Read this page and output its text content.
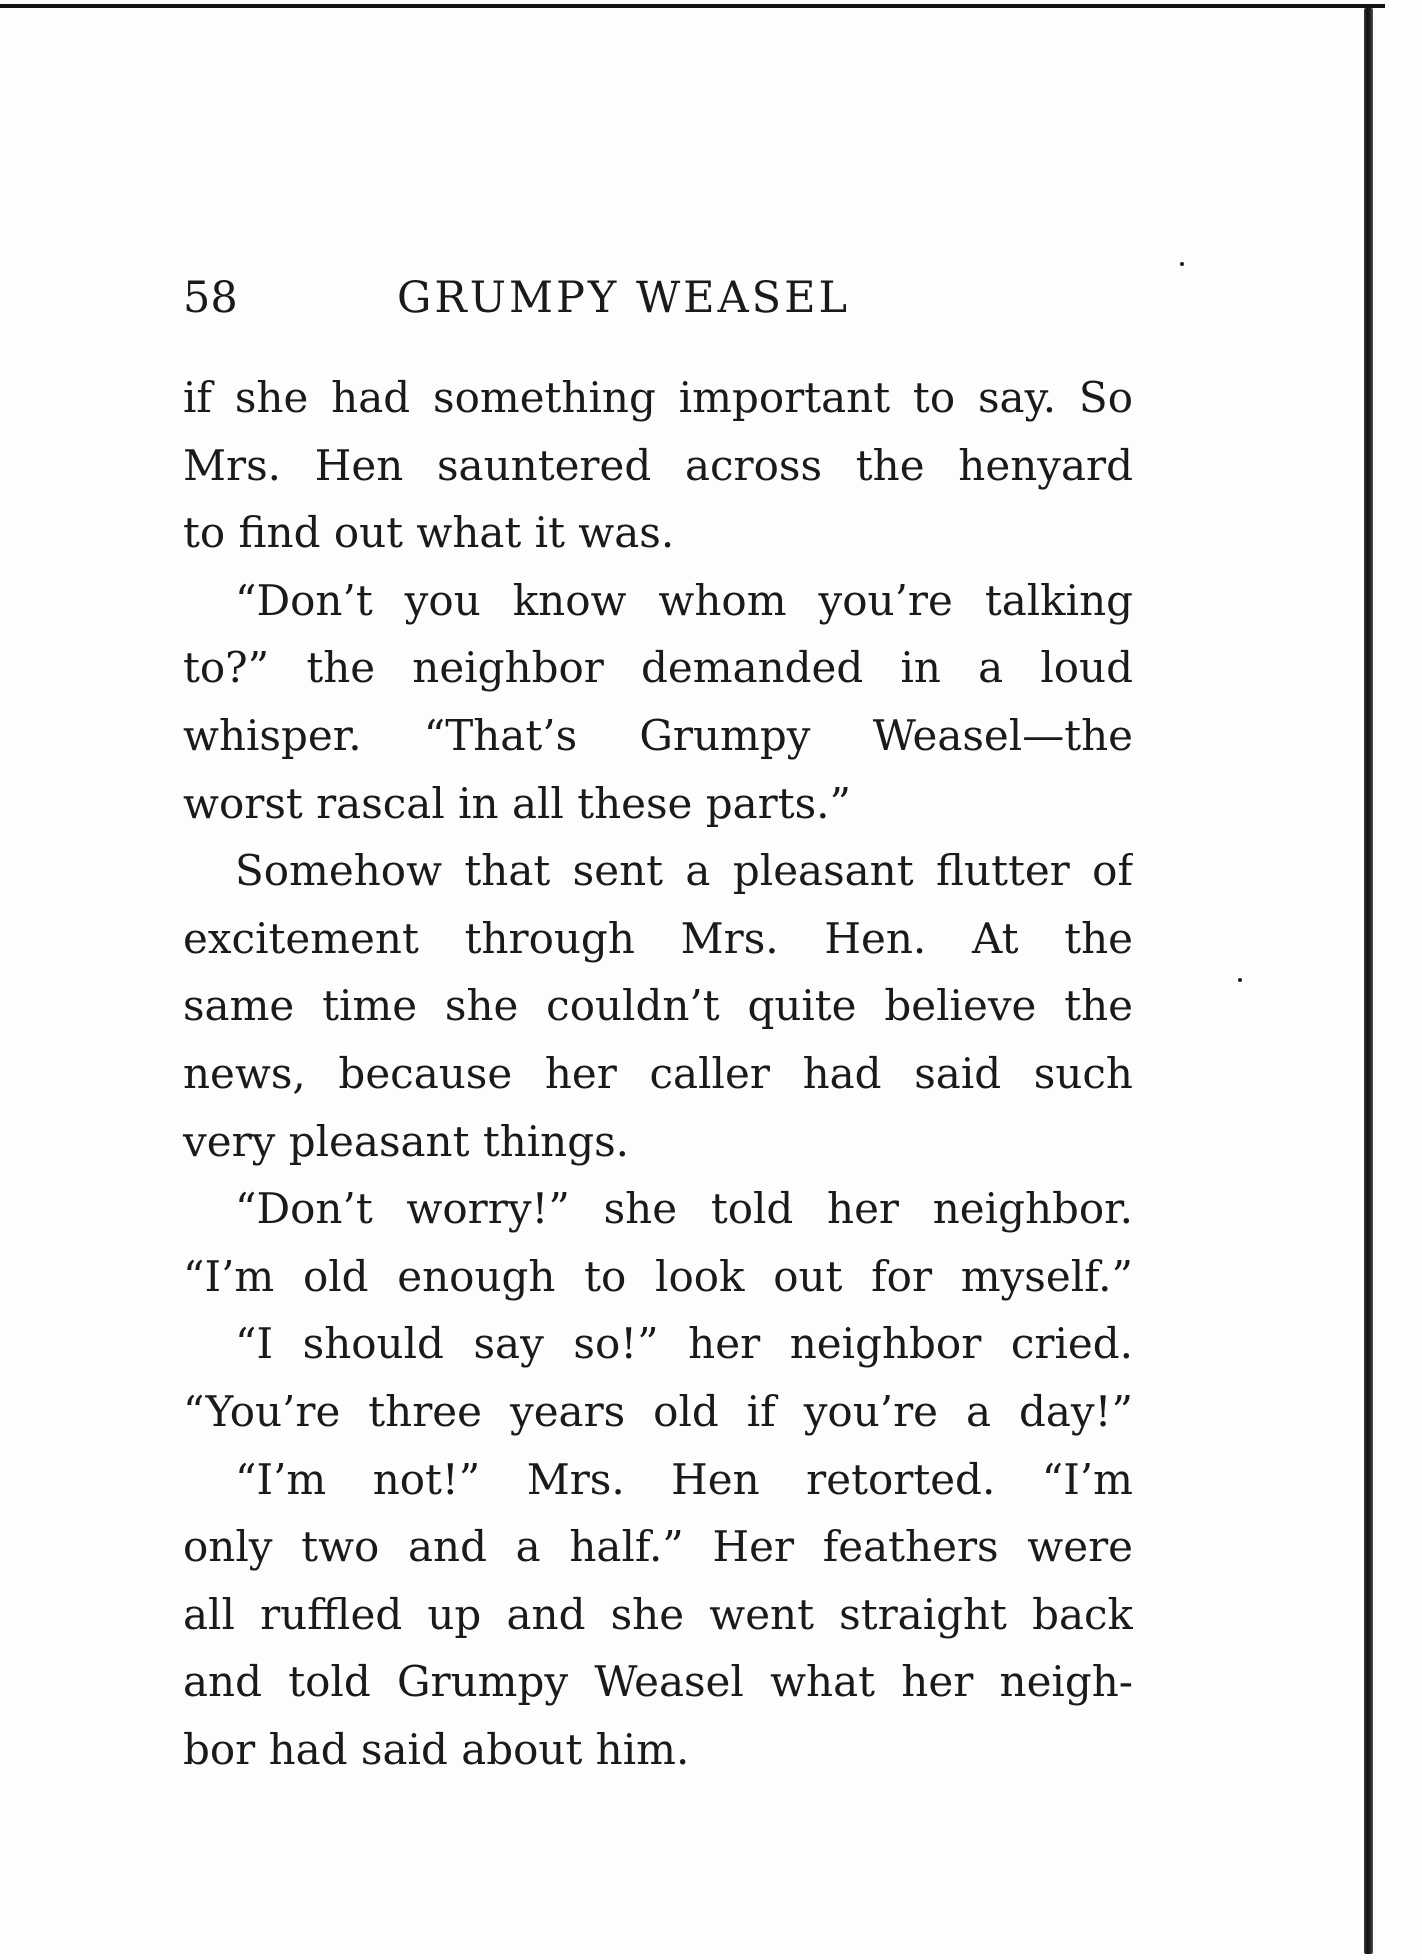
58	GRUMPY WEASEL
if she had something important to say. So
Mrs. Hen sauntered across the henyard
to find out what it was.
“Don’t you know whom you’re talking
to?” the neighbor demanded in a loud
whisper. “That’s Grumpy Weasel—the
worst rascal in all these parts.”
Somehow that sent a pleasant flutter of
excitement through Mrs. Hen. At the
same time she couldn’t quite believe the
news, because her caller had said such
very pleasant things.
“Don’t worry!” she told her neighbor.
“I’m old enough to look out for myself.”
“I should say so!” her neighbor cried.
“You’re three years old if you’re a day!”
“I’m not!” Mrs. Hen retorted. “I’m
only two and a half.” Her feathers were
all ruffled up and she went straight back
and told Grumpy Weasel what her neigh-
bor had said about him.
